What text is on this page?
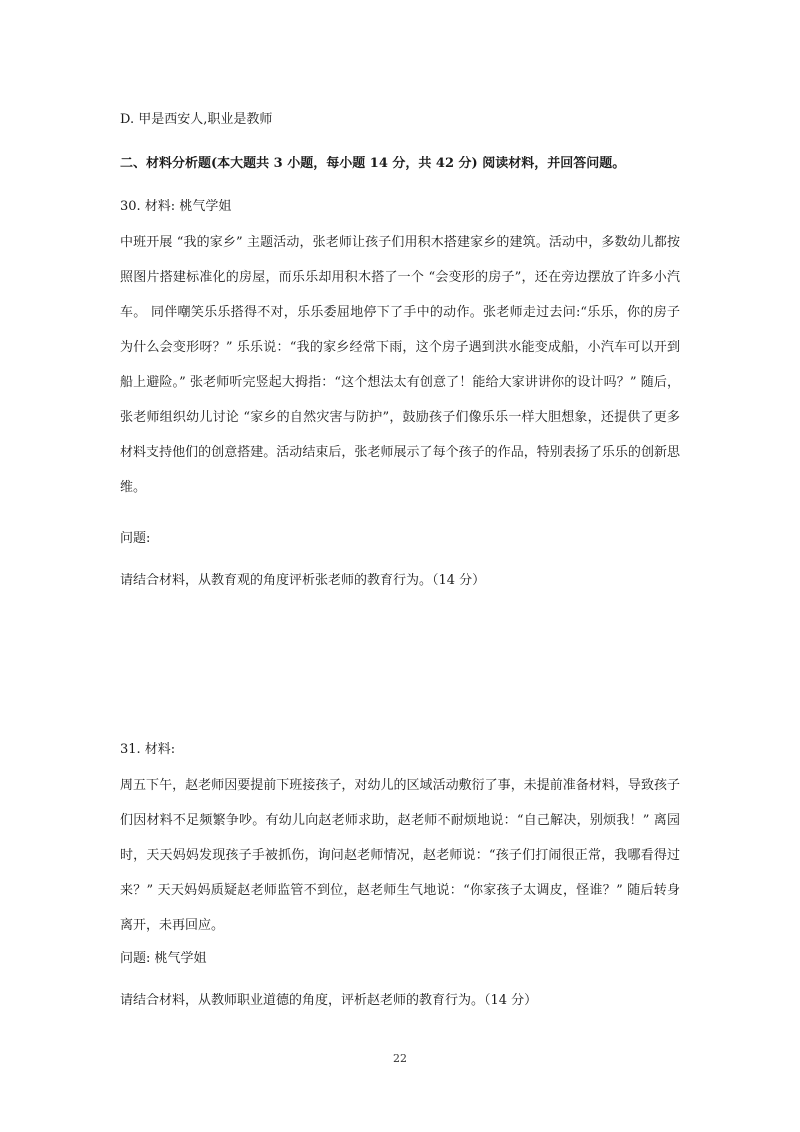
D. 甲是西安人,职业是教师
二、材料分析题(本大题共 3 小题，每小题 14 分，共 42 分) 阅读材料，并回答问题。
30. 材料: 桃气学姐
中班开展 “我的家乡” 主题活动，张老师让孩子们用积木搭建家乡的建筑。活动中，多数幼儿都按照图片搭建标准化的房屋，而乐乐却用积木搭了一个 “会变形的房子”，还在旁边摆放了许多小汽车。 同伴嘲笑乐乐搭得不对，乐乐委屈地停下了手中的动作。张老师走过去问:“乐乐，你的房子为什么会变形呀？” 乐乐说：“我的家乡经常下雨，这个房子遇到洪水能变成船，小汽车可以开到船上避险。” 张老师听完竖起大拇指：“这个想法太有创意了！能给大家讲讲你的设计吗？” 随后，张老师组织幼儿讨论 “家乡的自然灾害与防护”，鼓励孩子们像乐乐一样大胆想象，还提供了更多材料支持他们的创意搭建。活动结束后，张老师展示了每个孩子的作品，特别表扬了乐乐的创新思维。
问题:
请结合材料，从教育观的角度评析张老师的教育行为。（14 分）
31. 材料:
周五下午，赵老师因要提前下班接孩子，对幼儿的区域活动敷衍了事，未提前准备材料，导致孩子们因材料不足频繁争吵。有幼儿向赵老师求助，赵老师不耐烦地说：“自己解决，别烦我！” 离园时，天天妈妈发现孩子手被抓伤，询问赵老师情况，赵老师说：“孩子们打闹很正常，我哪看得过来？” 天天妈妈质疑赵老师监管不到位，赵老师生气地说：“你家孩子太调皮，怪谁？” 随后转身离开，未再回应。
问题: 桃气学姐
请结合材料，从教师职业道德的角度，评析赵老师的教育行为。（14 分）
22
